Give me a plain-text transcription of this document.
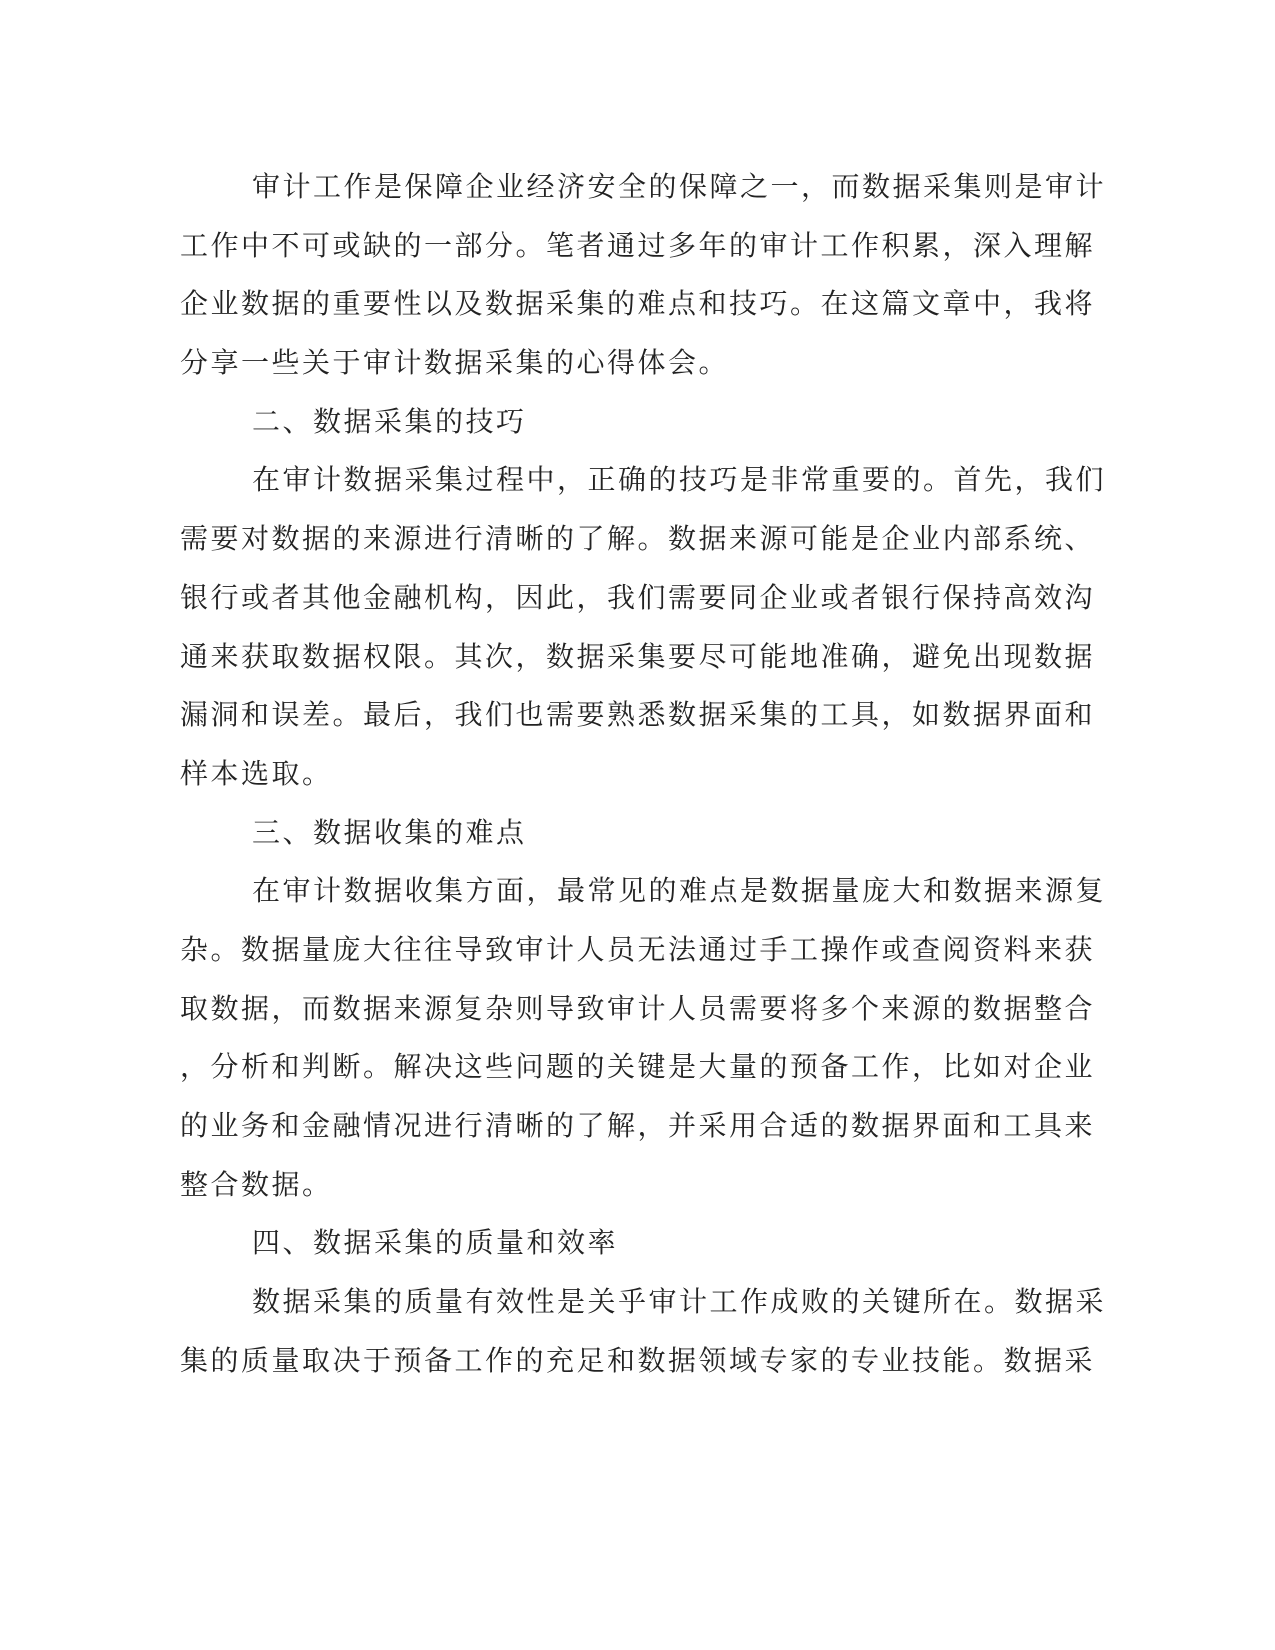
审计工作是保障企业经济安全的保障之一，而数据采集则是审计
工作中不可或缺的一部分。笔者通过多年的审计工作积累，深入理解
企业数据的重要性以及数据采集的难点和技巧。在这篇文章中，我将
分享一些关于审计数据采集的心得体会。
二、数据采集的技巧
在审计数据采集过程中，正确的技巧是非常重要的。首先，我们
需要对数据的来源进行清晰的了解。数据来源可能是企业内部系统、
银行或者其他金融机构，因此，我们需要同企业或者银行保持高效沟
通来获取数据权限。其次，数据采集要尽可能地准确，避免出现数据
漏洞和误差。最后，我们也需要熟悉数据采集的工具，如数据界面和
样本选取。
三、数据收集的难点
在审计数据收集方面，最常见的难点是数据量庞大和数据来源复
杂。数据量庞大往往导致审计人员无法通过手工操作或查阅资料来获
取数据，而数据来源复杂则导致审计人员需要将多个来源的数据整合
，分析和判断。解决这些问题的关键是大量的预备工作，比如对企业
的业务和金融情况进行清晰的了解，并采用合适的数据界面和工具来
整合数据。
四、数据采集的质量和效率
数据采集的质量有效性是关乎审计工作成败的关键所在。数据采
集的质量取决于预备工作的充足和数据领域专家的专业技能。数据采
